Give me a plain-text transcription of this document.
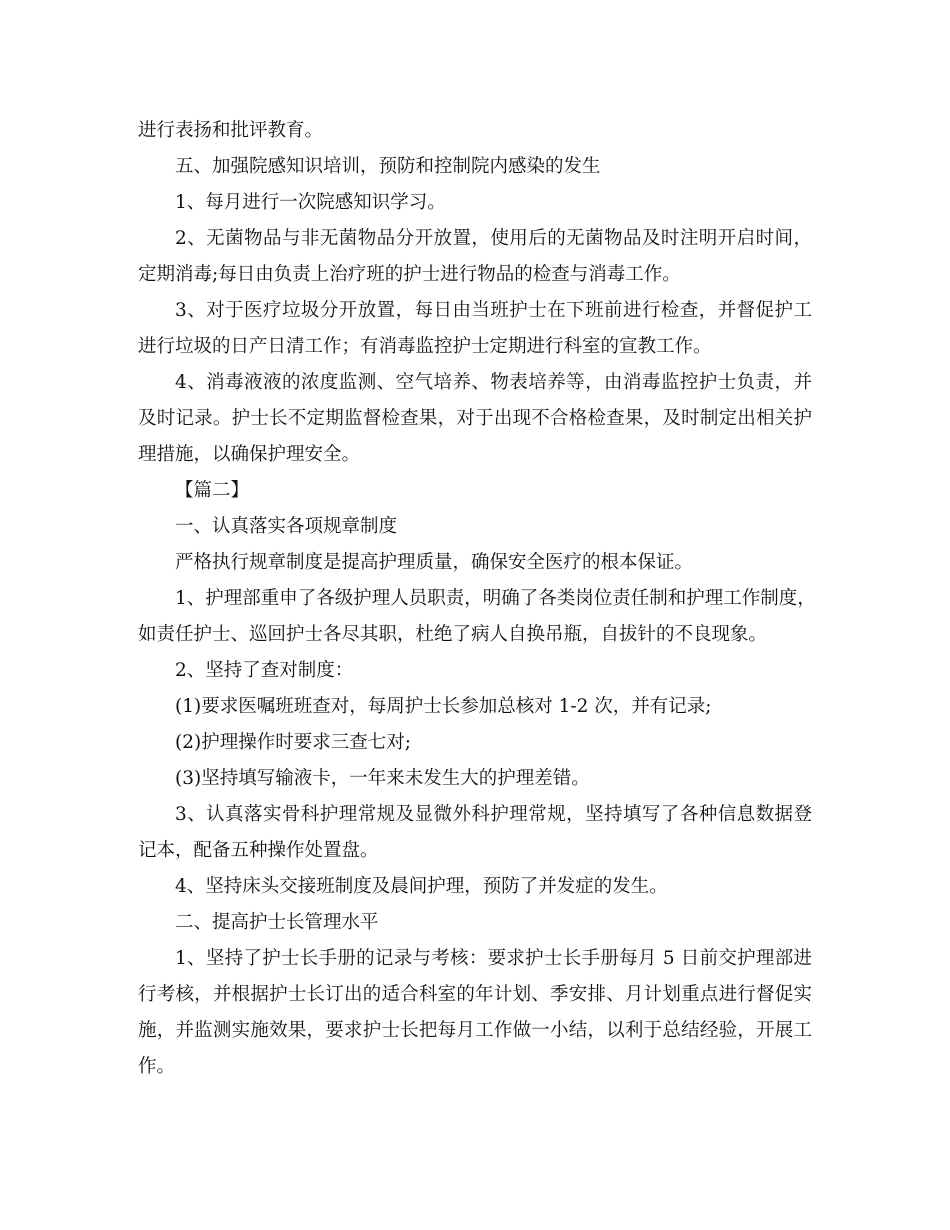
进行表扬和批评教育。
五、加强院感知识培训，预防和控制院内感染的发生
1、每月进行一次院感知识学习。
2、无菌物品与非无菌物品分开放置，使用后的无菌物品及时注明开启时间，
定期消毒;每日由负责上治疗班的护士进行物品的检查与消毒工作。
3、对于医疗垃圾分开放置，每日由当班护士在下班前进行检查，并督促护工
进行垃圾的日产日清工作；有消毒监控护士定期进行科室的宣教工作。
4、消毒液液的浓度监测、空气培养、物表培养等，由消毒监控护士负责，并
及时记录。护士长不定期监督检查果，对于出现不合格检查果，及时制定出相关护
理措施，以确保护理安全。
【篇二】
一、认真落实各项规章制度
严格执行规章制度是提高护理质量，确保安全医疗的根本保证。
1、护理部重申了各级护理人员职责，明确了各类岗位责任制和护理工作制度，
如责任护士、巡回护士各尽其职，杜绝了病人自换吊瓶，自拔针的不良现象。
2、坚持了查对制度：
(1)要求医嘱班班查对，每周护士长参加总核对 1-2 次，并有记录;
(2)护理操作时要求三查七对;
(3)坚持填写输液卡，一年来未发生大的护理差错。
3、认真落实骨科护理常规及显微外科护理常规，坚持填写了各种信息数据登
记本，配备五种操作处置盘。
4、坚持床头交接班制度及晨间护理，预防了并发症的发生。
二、提高护士长管理水平
1、坚持了护士长手册的记录与考核：要求护士长手册每月 5 日前交护理部进
行考核，并根据护士长订出的适合科室的年计划、季安排、月计划重点进行督促实
施，并监测实施效果，要求护士长把每月工作做一小结，以利于总结经验，开展工
作。
